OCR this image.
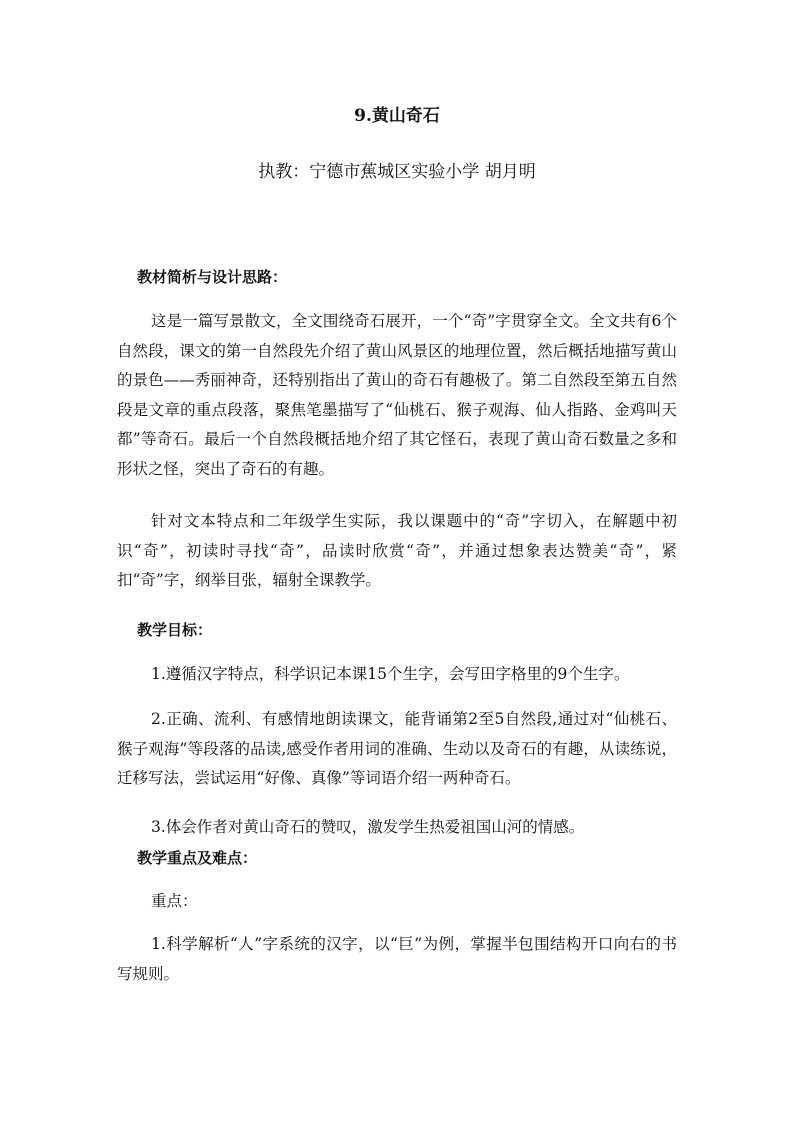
9.黄山奇石
执教：宁德市蕉城区实验小学 胡月明
教材简析与设计思路：

这是一篇写景散文，全文围绕奇石展开，一个“奇”字贯穿全文。全文共有6个自然段，课文的第一自然段先介绍了黄山风景区的地理位置，然后概括地描写黄山的景色——秀丽神奇，还特别指出了黄山的奇石有趣极了。第二自然段至第五自然段是文章的重点段落，聚焦笔墨描写了“仙桃石、猴子观海、仙人指路、金鸡叫天都”等奇石。最后一个自然段概括地介绍了其它怪石，表现了黄山奇石数量之多和形状之怪，突出了奇石的有趣。

针对文本特点和二年级学生实际，我以课题中的“奇”字切入，在解题中初识“奇”，初读时寻找“奇”，品读时欣赏“奇”，并通过想象表达赞美“奇”，紧扣“奇”字，纲举目张，辐射全课教学。

教学目标：

1.遵循汉字特点，科学识记本课15个生字，会写田字格里的9个生字。

2.正确、流利、有感情地朗读课文，能背诵第2至5自然段,通过对“仙桃石、猴子观海”等段落的品读,感受作者用词的准确、生动以及奇石的有趣，从读练说，迁移写法，尝试运用“好像、真像”等词语介绍一两种奇石。

3.体会作者对黄山奇石的赞叹，激发学生热爱祖国山河的情感。

教学重点及难点：
重点：

1.科学解析“人”字系统的汉字，以“巨”为例，掌握半包围结构开口向右的书写规则。
